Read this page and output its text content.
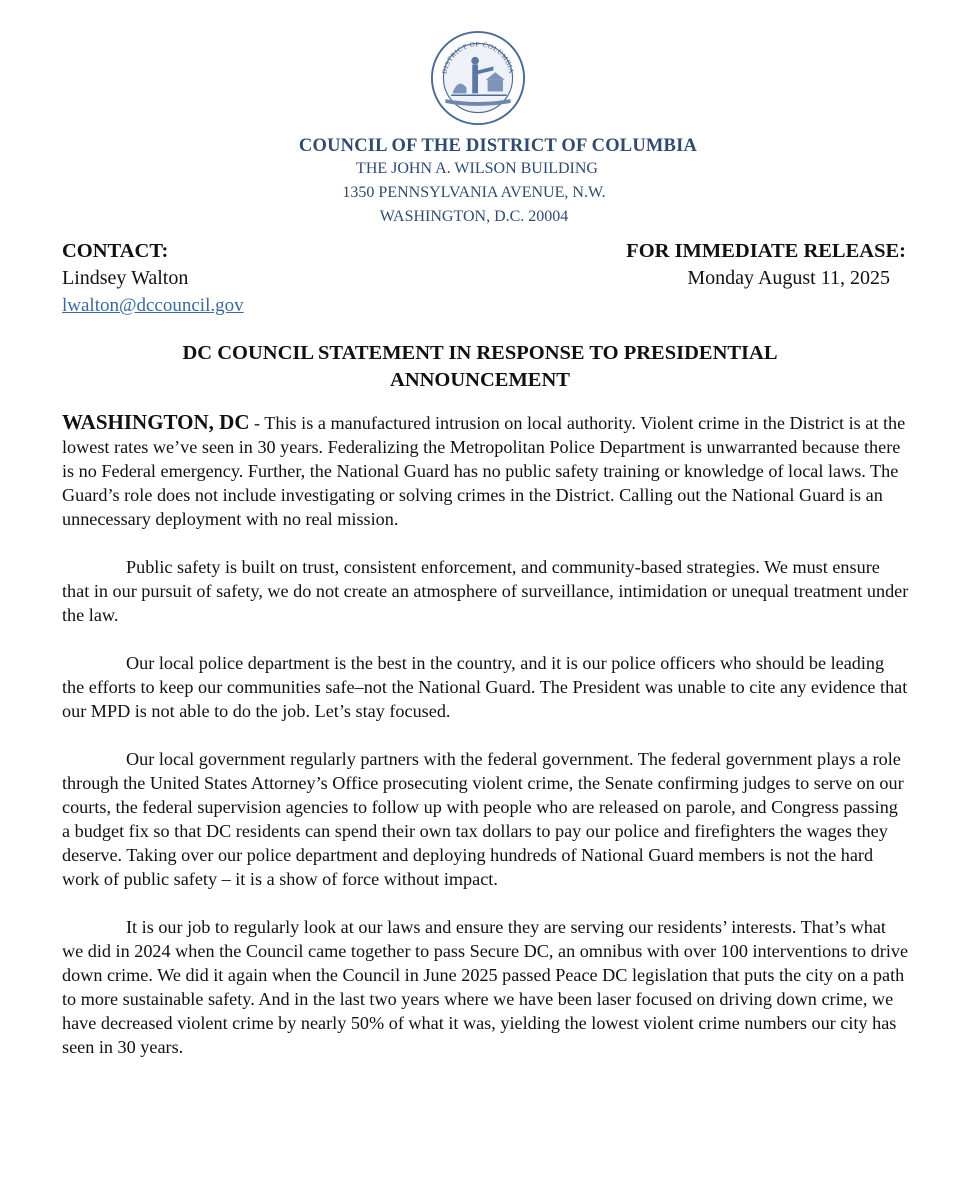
DISTRICT OF COLUMBIA
COUNCIL OF THE DISTRICT OF COLUMBIA
THE JOHN A. WILSON BUILDING
1350 PENNSYLVANIA AVENUE, N.W.
WASHINGTON, D.C. 20004
CONTACT:
Lindsey Walton
lwalton@dccouncil.gov
FOR IMMEDIATE RELEASE:
Monday August 11, 2025
DC COUNCIL STATEMENT IN RESPONSE TO PRESIDENTIAL
ANNOUNCEMENT

WASHINGTON, DC - This is a manufactured intrusion on local authority. Violent crime in the District is at the lowest rates we’ve seen in 30 years. Federalizing the Metropolitan Police Department is unwarranted because there is no Federal emergency. Further, the National Guard has no public safety training or knowledge of local laws. The Guard’s role does not include investigating or solving crimes in the District. Calling out the National Guard is an unnecessary deployment with no real mission.

Public safety is built on trust, consistent enforcement, and community-based strategies. We must ensure that in our pursuit of safety, we do not create an atmosphere of surveillance, intimidation or unequal treatment under the law.

Our local police department is the best in the country, and it is our police officers who should be leading the efforts to keep our communities safe–not the National Guard. The President was unable to cite any evidence that our MPD is not able to do the job. Let’s stay focused.

Our local government regularly partners with the federal government. The federal government plays a role through the United States Attorney’s Office prosecuting violent crime, the Senate confirming judges to serve on our courts, the federal supervision agencies to follow up with people who are released on parole, and Congress passing a budget fix so that DC residents can spend their own tax dollars to pay our police and firefighters the wages they deserve. Taking over our police department and deploying hundreds of National Guard members is not the hard work of public safety – it is a show of force without impact.

It is our job to regularly look at our laws and ensure they are serving our residents’ interests. That’s what we did in 2024 when the Council came together to pass Secure DC, an omnibus with over 100 interventions to drive down crime. We did it again when the Council in June 2025 passed Peace DC legislation that puts the city on a path to more sustainable safety. And in the last two years where we have been laser focused on driving down crime, we have decreased violent crime by nearly 50% of what it was, yielding the lowest violent crime numbers our city has seen in 30 years.
